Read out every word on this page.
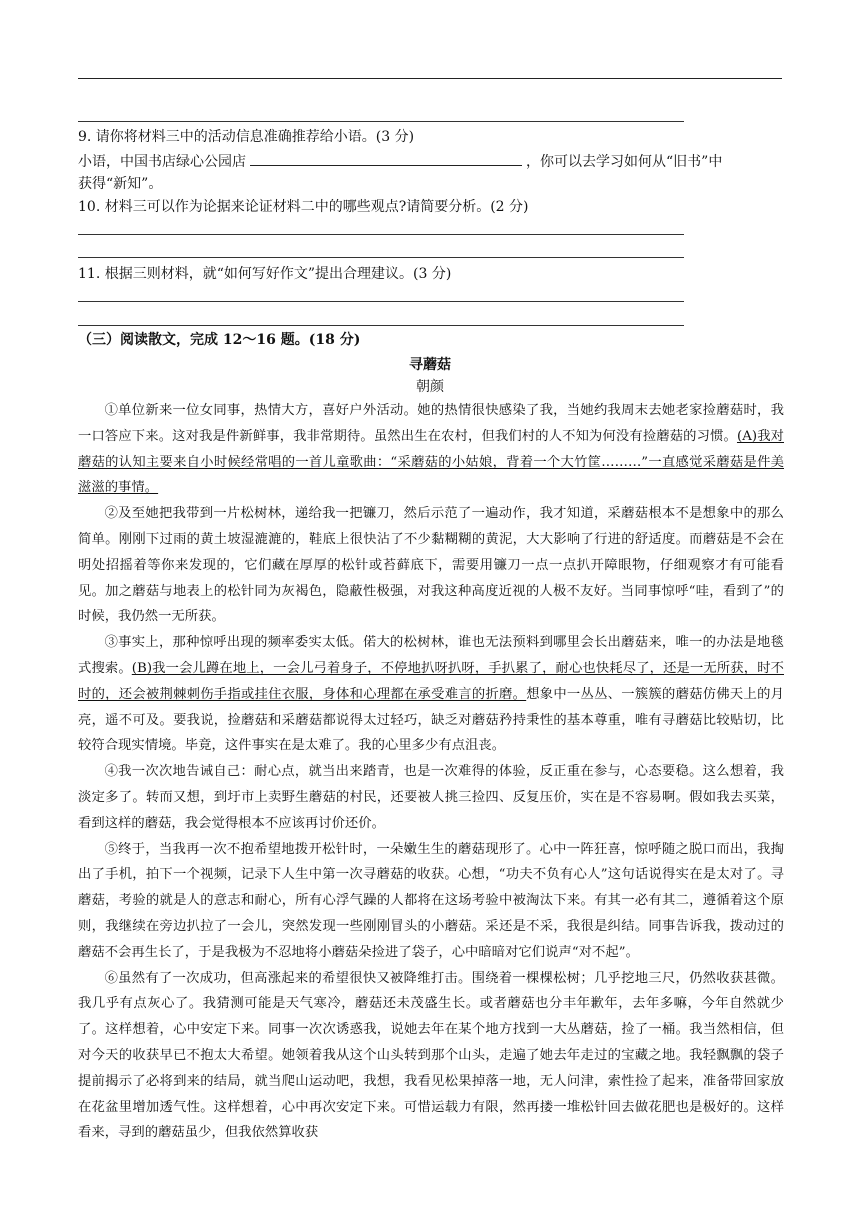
9. 请你将材料三中的活动信息准确推荐给小语。(3 分)
小语，中国书店绿心公园店	，你可以去学习如何从“旧书”中
获得“新知”。
10. 材料三可以作为论据来论证材料二中的哪些观点?请简要分析。(2 分)
11. 根据三则材料，就“如何写好作文”提出合理建议。(3 分)
（三）阅读散文，完成 12～16 题。(18 分)
寻蘑菇
朝颜

①单位新来一位女同事，热情大方，喜好户外活动。她的热情很快感染了我，当她约我周末去她老家捡蘑菇时，我一口答应下来。这对我是件新鲜事，我非常期待。虽然出生在农村，但我们村的人不知为何没有捡蘑菇的习惯。(A)我对蘑菇的认知主要来自小时候经常唱的一首儿童歌曲：“采蘑菇的小姑娘，背着一个大竹筐………”一直感觉采蘑菇是件美滋滋的事情。

②及至她把我带到一片松树林，递给我一把镰刀，然后示范了一遍动作，我才知道，采蘑菇根本不是想象中的那么简单。刚刚下过雨的黄土坡湿漉漉的，鞋底上很快沾了不少黏糊糊的黄泥，大大影响了行进的舒适度。而蘑菇是不会在明处招摇着等你来发现的，它们藏在厚厚的松针或苔藓底下，需要用镰刀一点一点扒开障眼物，仔细观察才有可能看见。加之蘑菇与地表上的松针同为灰褐色，隐蔽性极强，对我这种高度近视的人极不友好。当同事惊呼“哇，看到了”的时候，我仍然一无所获。

③事实上，那种惊呼出现的频率委实太低。偌大的松树林，谁也无法预料到哪里会长出蘑菇来，唯一的办法是地毯式搜索。(B)我一会儿蹲在地上，一会儿弓着身子，不停地扒呀扒呀，手扒累了，耐心也快耗尽了，还是一无所获，时不时的，还会被荆棘刺伤手指或挂住衣服，身体和心理都在承受难言的折磨。想象中一丛丛、一簇簇的蘑菇仿佛天上的月亮，遥不可及。要我说，捡蘑菇和采蘑菇都说得太过轻巧，缺乏对蘑菇矜持秉性的基本尊重，唯有寻蘑菇比较贴切，比较符合现实情境。毕竟，这件事实在是太难了。我的心里多少有点沮丧。

④我一次次地告诫自己：耐心点，就当出来踏青，也是一次难得的体验，反正重在参与，心态要稳。这么想着，我淡定多了。转而又想，到圩市上卖野生蘑菇的村民，还要被人挑三捡四、反复压价，实在是不容易啊。假如我去买菜，看到这样的蘑菇，我会觉得根本不应该再讨价还价。

⑤终于，当我再一次不抱希望地拨开松针时，一朵嫩生生的蘑菇现形了。心中一阵狂喜，惊呼随之脱口而出，我掏出了手机，拍下一个视频，记录下人生中第一次寻蘑菇的收获。心想，“功夫不负有心人”这句话说得实在是太对了。寻蘑菇，考验的就是人的意志和耐心，所有心浮气躁的人都将在这场考验中被淘汰下来。有其一必有其二，遵循着这个原则，我继续在旁边扒拉了一会儿，突然发现一些刚刚冒头的小蘑菇。采还是不采，我很是纠结。同事告诉我，拨动过的蘑菇不会再生长了，于是我极为不忍地将小蘑菇朵捡进了袋子，心中暗暗对它们说声“对不起”。

⑥虽然有了一次成功，但高涨起来的希望很快又被降维打击。围绕着一棵棵松树；几乎挖地三尺，仍然收获甚微。我几乎有点灰心了。我猜测可能是天气寒冷，蘑菇还未茂盛生长。或者蘑菇也分丰年歉年，去年多嘛，今年自然就少了。这样想着，心中安定下来。同事一次次诱惑我，说她去年在某个地方找到一大丛蘑菇，捡了一桶。我当然相信，但对今天的收获早已不抱太大希望。她领着我从这个山头转到那个山头，走遍了她去年走过的宝藏之地。我轻飘飘的袋子提前揭示了必将到来的结局，就当爬山运动吧，我想，我看见松果掉落一地，无人问津，索性捡了起来，准备带回家放在花盆里增加透气性。这样想着，心中再次安定下来。可惜运载力有限，然再搂一堆松针回去做花肥也是极好的。这样看来，寻到的蘑菇虽少，但我依然算收获
